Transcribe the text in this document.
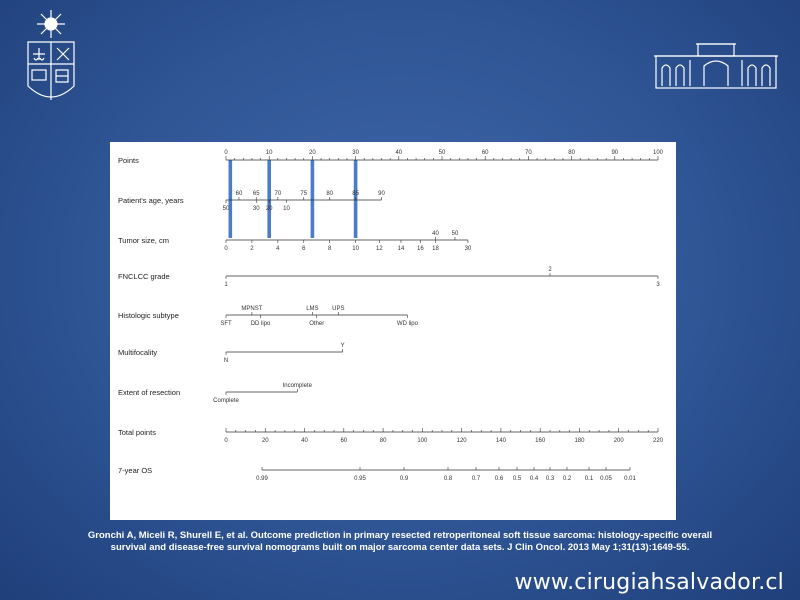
Points
Patient's age, years
Tumor size, cm
FNCLCC grade
Histologic subtype
Multifocality
Extent of resection
Total points
7-year OS
0	10	20	30	40	50	60	70	80	90	100
60 65 70	75	80	85	90
50	30 20 10
0	2	4	6	8	10	12 14 16 18	30
40 50
2
1	3
MPNST	LMS UPS
SFT	DD lipo	Other	WD lipo
Y
N
Incomplete
Complete
0	20	40	60	80	100	120	140	160	180	200	220
0.99	0.95	0.9	0.8	0.7 0.6 0.5 0.4 0.3 0.2 0.1 0.05 0.01
Gronchi A, Miceli R, Shurell E, et al. Outcome prediction in primary resected retroperitoneal soft tissue sarcoma: histology-specific overall
survival and disease-free survival nomograms built on major sarcoma center data sets. J Clin Oncol. 2013 May 1;31(13):1649-55.
www.cirugiahsalvador.cl
